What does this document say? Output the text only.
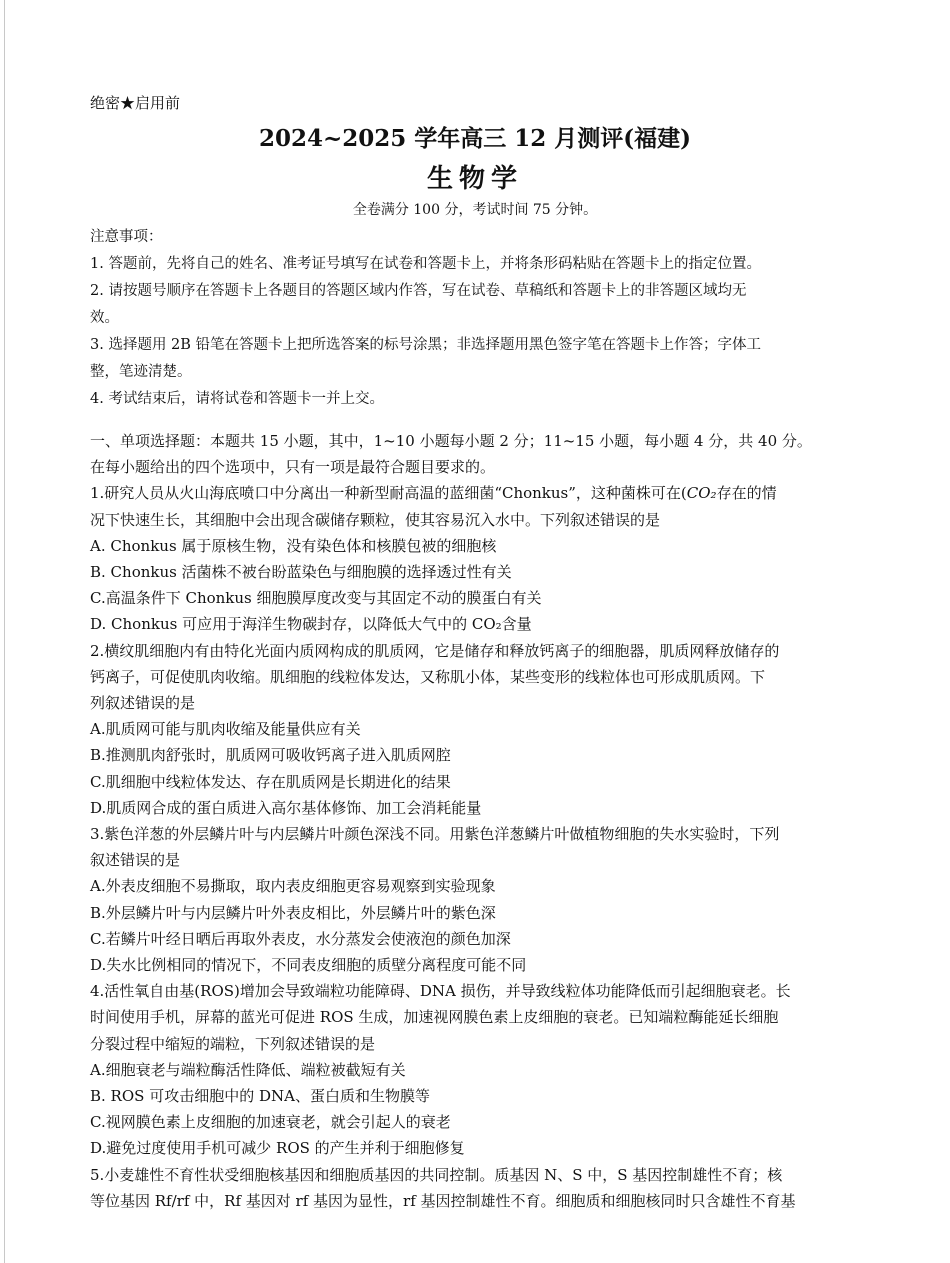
绝密★启用前
2024~2025 学年高三 12 月测评(福建)
生物学
全卷满分 100 分，考试时间 75 分钟。
注意事项：
1. 答题前，先将自己的姓名、准考证号填写在试卷和答题卡上，并将条形码粘贴在答题卡上的指定位置。
2. 请按题号顺序在答题卡上各题目的答题区域内作答，写在试卷、草稿纸和答题卡上的非答题区域均无
效。
3. 选择题用 2B 铅笔在答题卡上把所选答案的标号涂黑；非选择题用黑色签字笔在答题卡上作答；字体工
整，笔迹清楚。
4. 考试结束后，请将试卷和答题卡一并上交。

一、单项选择题：本题共 15 小题，其中，1~10 小题每小题 2 分；11~15 小题，每小题 4 分，共 40 分。

在每小题给出的四个选项中，只有一项是最符合题目要求的。

1.研究人员从火山海底喷口中分离出一种新型耐高温的蓝细菌“Chonkus”，这种菌株可在(CO₂存在的情

况下快速生长，其细胞中会出现含碳储存颗粒，使其容易沉入水中。下列叙述错误的是

A. Chonkus 属于原核生物，没有染色体和核膜包被的细胞核

B. Chonkus 活菌株不被台盼蓝染色与细胞膜的选择透过性有关

C.高温条件下 Chonkus 细胞膜厚度改变与其固定不动的膜蛋白有关

D. Chonkus 可应用于海洋生物碳封存，以降低大气中的 CO₂含量

2.横纹肌细胞内有由特化光面内质网构成的肌质网，它是储存和释放钙离子的细胞器，肌质网释放储存的

钙离子，可促使肌肉收缩。肌细胞的线粒体发达，又称肌小体，某些变形的线粒体也可形成肌质网。下

列叙述错误的是

A.肌质网可能与肌肉收缩及能量供应有关

B.推测肌肉舒张时，肌质网可吸收钙离子进入肌质网腔

C.肌细胞中线粒体发达、存在肌质网是长期进化的结果

D.肌质网合成的蛋白质进入高尔基体修饰、加工会消耗能量

3.紫色洋葱的外层鳞片叶与内层鳞片叶颜色深浅不同。用紫色洋葱鳞片叶做植物细胞的失水实验时，下列

叙述错误的是

A.外表皮细胞不易撕取，取内表皮细胞更容易观察到实验现象

B.外层鳞片叶与内层鳞片叶外表皮相比，外层鳞片叶的紫色深

C.若鳞片叶经日晒后再取外表皮，水分蒸发会使液泡的颜色加深

D.失水比例相同的情况下，不同表皮细胞的质壁分离程度可能不同

4.活性氧自由基(ROS)增加会导致端粒功能障碍、DNA 损伤，并导致线粒体功能降低而引起细胞衰老。长

时间使用手机，屏幕的蓝光可促进 ROS 生成，加速视网膜色素上皮细胞的衰老。已知端粒酶能延长细胞

分裂过程中缩短的端粒，下列叙述错误的是

A.细胞衰老与端粒酶活性降低、端粒被截短有关

B. ROS 可攻击细胞中的 DNA、蛋白质和生物膜等

C.视网膜色素上皮细胞的加速衰老，就会引起人的衰老

D.避免过度使用手机可减少 ROS 的产生并利于细胞修复

5.小麦雄性不育性状受细胞核基因和细胞质基因的共同控制。质基因 N、S 中，S 基因控制雄性不育；核

等位基因 Rf/rf 中，Rf 基因对 rf 基因为显性，rf 基因控制雄性不育。细胞质和细胞核同时只含雄性不育基
